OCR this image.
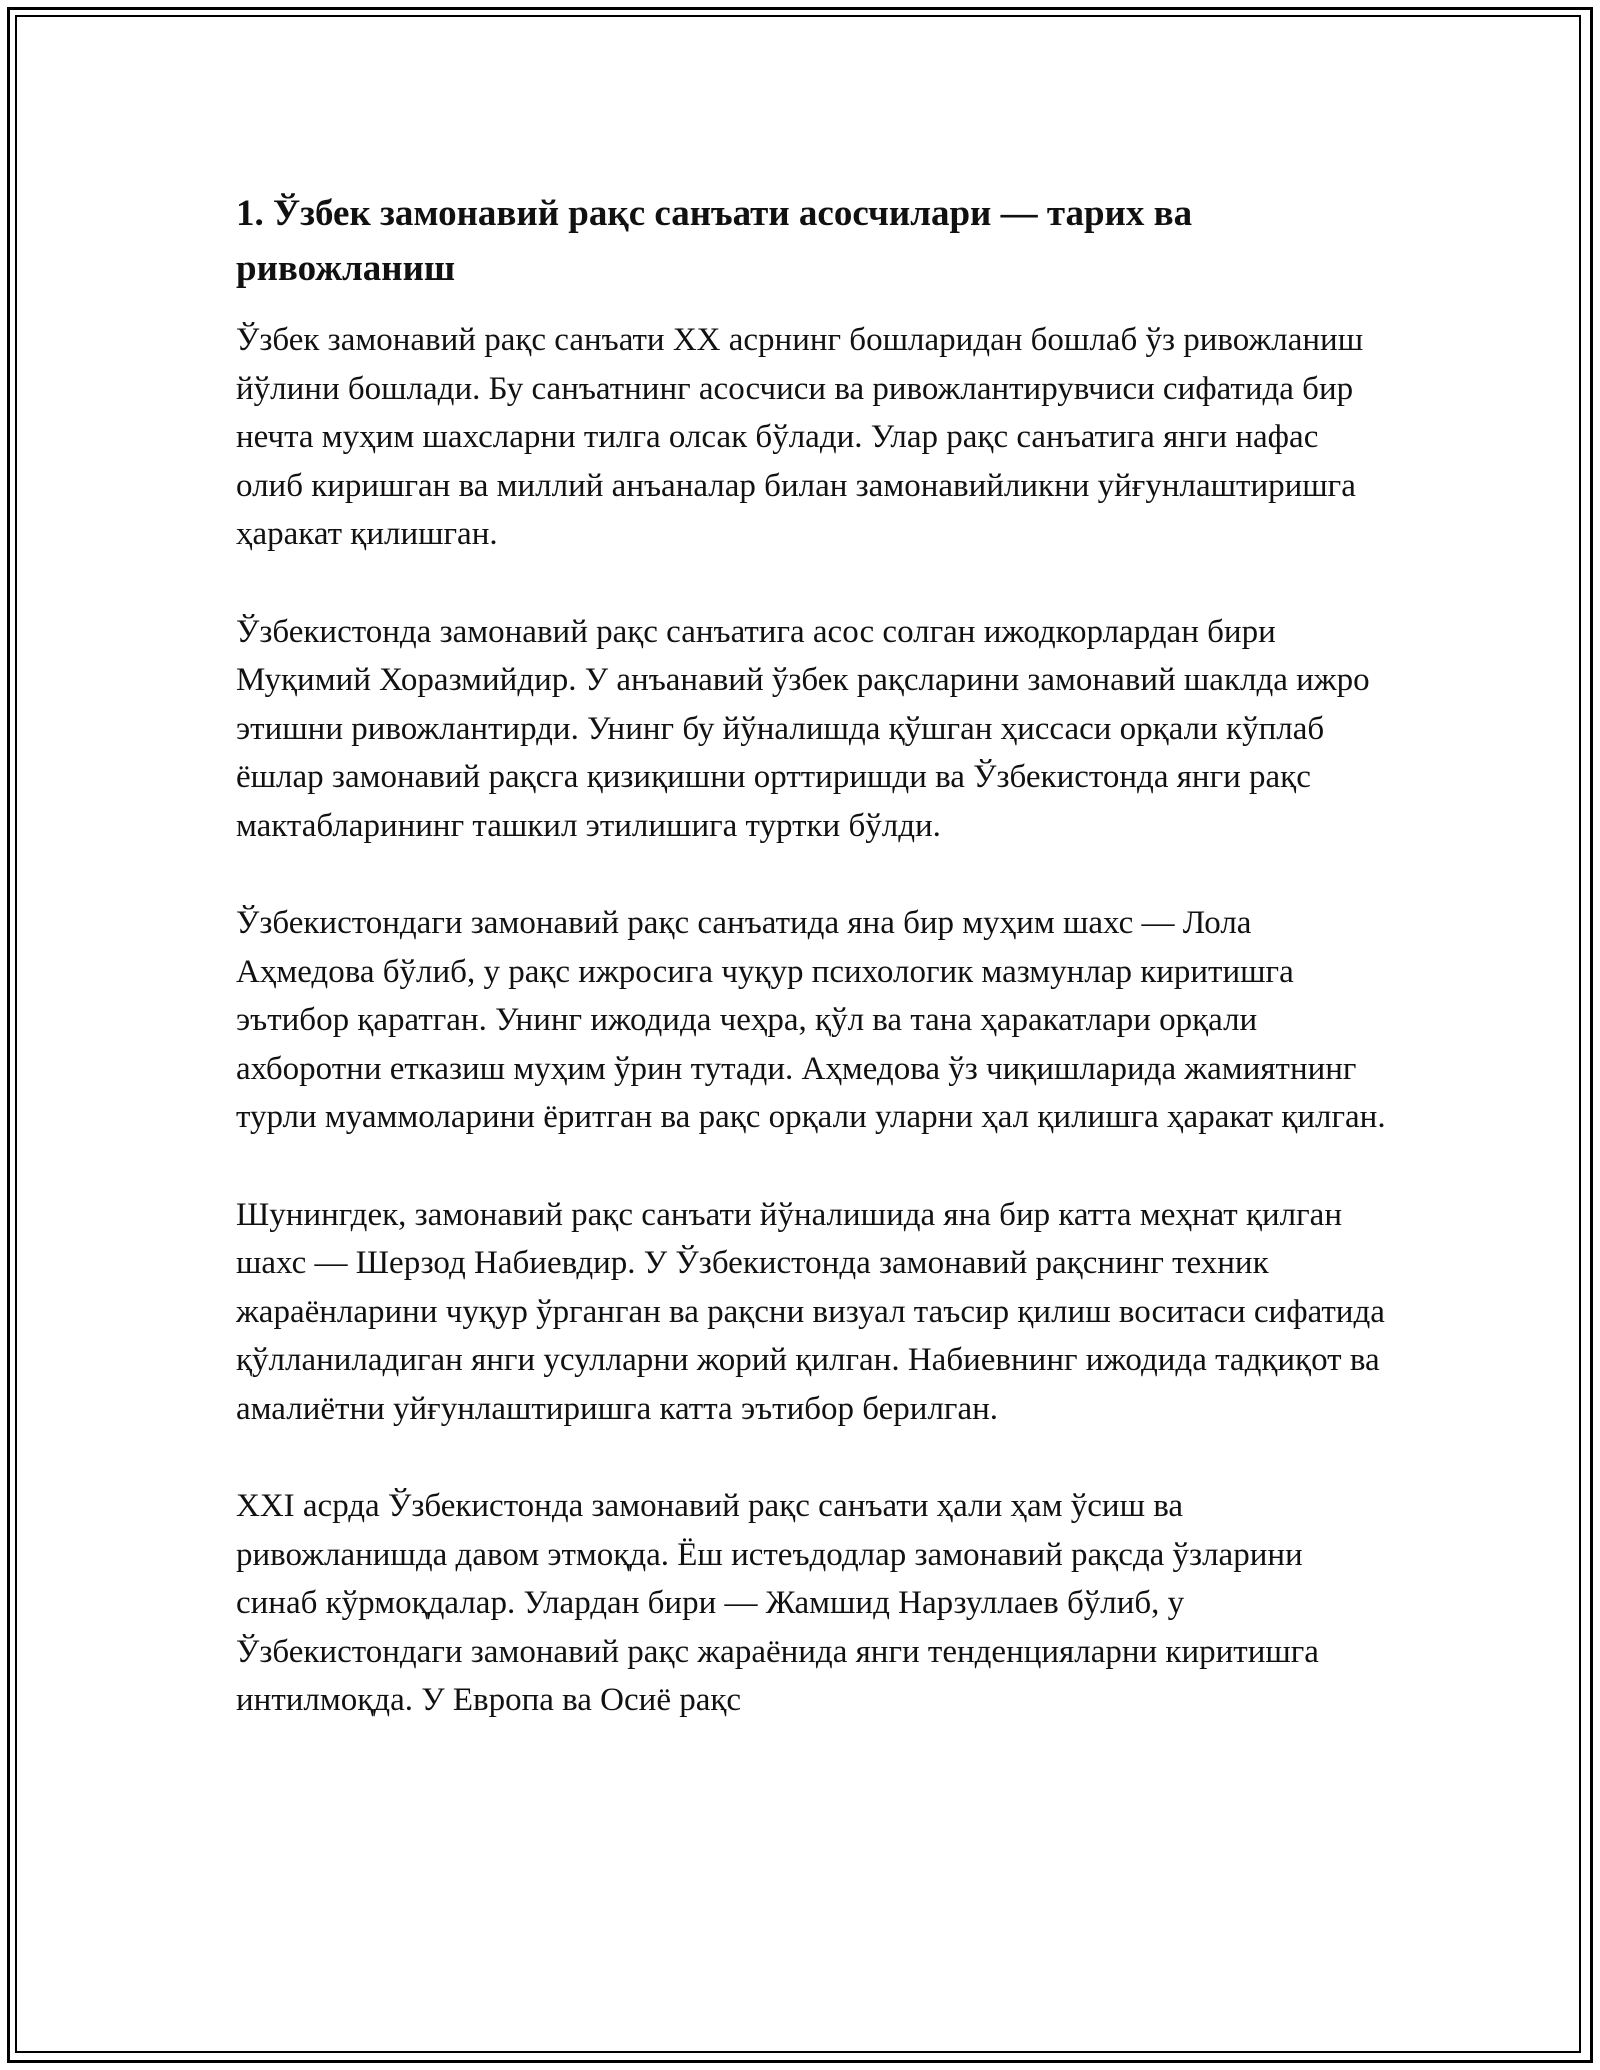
1. Ўзбек замонавий рақс санъати асосчилари — тарих ва ривожланиш

Ўзбек замонавий рақс санъати XX асрнинг бошларидан бошлаб ўз ривожланиш йўлини бошлади. Бу санъатнинг асосчиси ва ривожлантирувчиси сифатида бир нечта муҳим шахсларни тилга олсак бўлади. Улар рақс санъатига янги нафас олиб киришган ва миллий анъаналар билан замонавийликни уйғунлаштиришга ҳаракат қилишган.

Ўзбекистонда замонавий рақс санъатига асос солган ижодкорлардан бири Муқимий Хоразмийдир. У анъанавий ўзбек рақсларини замонавий шаклда ижро этишни ривожлантирди. Унинг бу йўналишда қўшган ҳиссаси орқали кўплаб ёшлар замонавий рақсга қизиқишни орттиришди ва Ўзбекистонда янги рақс мактабларининг ташкил этилишига туртки бўлди.

Ўзбекистондаги замонавий рақс санъатида яна бир муҳим шахс — Лола Аҳмедова бўлиб, у рақс ижросига чуқур психологик мазмунлар киритишга эътибор қаратган. Унинг ижодида чеҳра, қўл ва тана ҳаракатлари орқали ахборотни етказиш муҳим ўрин тутади. Аҳмедова ўз чиқишларида жамиятнинг турли муаммоларини ёритган ва рақс орқали уларни ҳал қилишга ҳаракат қилган.

Шунингдек, замонавий рақс санъати йўналишида яна бир катта меҳнат қилган шахс — Шерзод Набиевдир. У Ўзбекистонда замонавий рақснинг техник жараёнларини чуқур ўрганган ва рақсни визуал таъсир қилиш воситаси сифатида қўлланиладиган янги усулларни жорий қилган. Набиевнинг ижодида тадқиқот ва амалиётни уйғунлаштиришга катта эътибор берилган.

XXI асрда Ўзбекистонда замонавий рақс санъати ҳали ҳам ўсиш ва ривожланишда давом этмоқда. Ёш истеъдодлар замонавий рақсда ўзларини синаб кўрмоқдалар. Улардан бири — Жамшид Нарзуллаев бўлиб, у Ўзбекистондаги замонавий рақс жараёнида янги тенденцияларни киритишга интилмоқда. У Европа ва Осиё рақс
